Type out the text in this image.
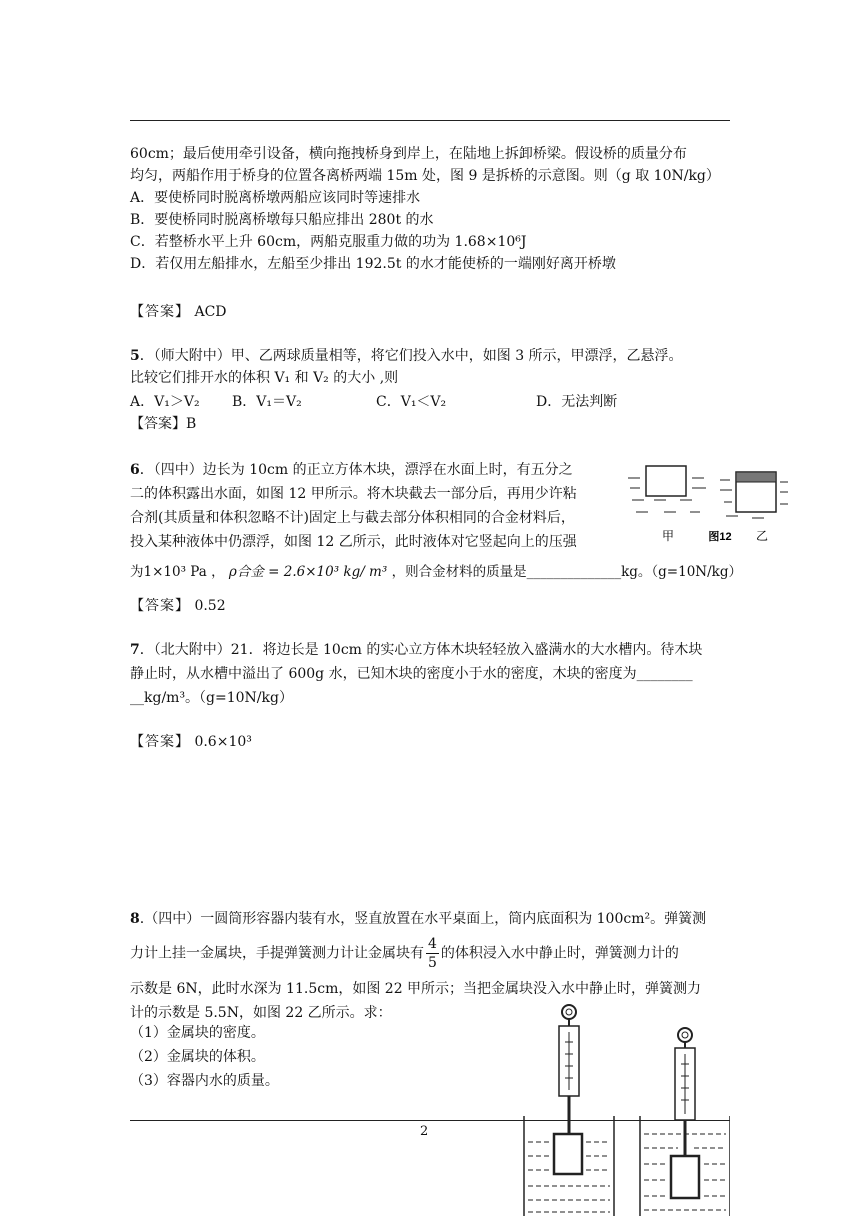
60cm；最后使用牵引设备，横向拖拽桥身到岸上，在陆地上拆卸桥梁。假设桥的质量分布
均匀，两船作用于桥身的位置各离桥两端 15m 处，图 9 是拆桥的示意图。则（g 取 10N/kg）
A．要使桥同时脱离桥墩两船应该同时等速排水
B．要使桥同时脱离桥墩每只船应排出 280t 的水
C．若整桥水平上升 60cm，两船克服重力做的功为 1.68×10⁶J
D．若仅用左船排水，左船至少排出 192.5t 的水才能使桥的一端刚好离开桥墩
【答案】 ACD
5．（师大附中）甲、乙两球质量相等，将它们投入水中，如图 3 所示，甲漂浮，乙悬浮。
比较它们排开水的体积 V₁ 和 V₂ 的大小 ,则
A．V₁＞V₂ B．V₁＝V₂	C．V₁＜V₂	D．无法判断
【答案】B
6．（四中）边长为 10cm 的正立方体木块，漂浮在水面上时，有五分之
二的体积露出水面，如图 12 甲所示。将木块截去一部分后，再用少许粘
合剂(其质量和体积忽略不计)固定上与截去部分体积相同的合金材料后，
投入某种液体中仍漂浮，如图 12 乙所示，此时液体对它竖起向上的压强
为1×10³ Pa ， ρ合金 = 2.6×10³ kg/ m³ ，则合金材料的质量是______________kg。（g=10N/kg）
【答案】 0.52
甲	图12 乙
7．（北大附中）21．将边长是 10cm 的实心立方体木块轻轻放入盛满水的大水槽内。待木块
静止时，从水槽中溢出了 600g 水，已知木块的密度小于水的密度，木块的密度为________
__kg/m³。（g=10N/kg）
【答案】 0.6×10³
8.（四中）一圆筒形容器内装有水，竖直放置在水平桌面上，筒内底面积为 100cm²。弹簧测
力计上挂一金属块，手提弹簧测力计让金属块有 $\frac{4}{5}$ 的体积浸入水中静止时，弹簧测力计的
示数是 6N，此时水深为 11.5cm，如图 22 甲所示；当把金属块没入水中静止时，弹簧测力
计的示数是 5.5N，如图 22 乙所示。求：
（1）金属块的密度。
（2）金属块的体积。
（3）容器内水的质量。
2
